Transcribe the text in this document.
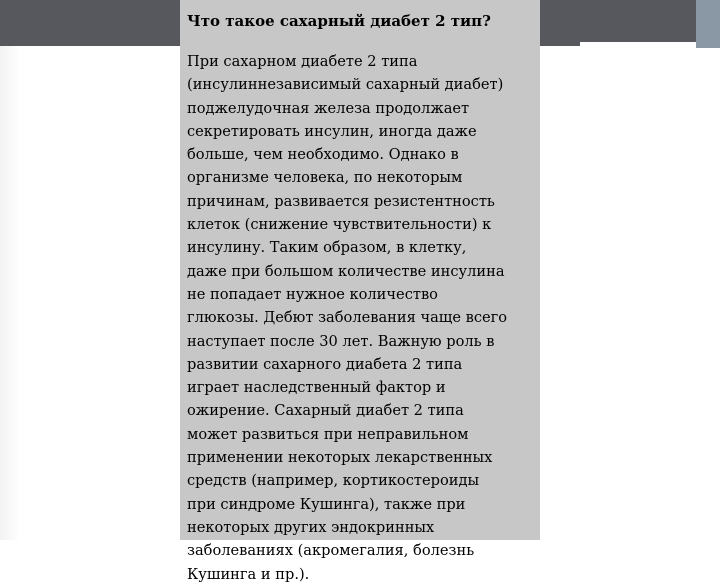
Что такое сахарный диабет 2 тип?
При сахарном диабете 2 типа
(инсулиннезависимый сахарный диабет)
поджелудочная железа продолжает
секретировать инсулин, иногда даже
больше, чем необходимо. Однако в
организме человека, по некоторым
причинам, развивается резистентность
клеток (снижение чувствительности) к
инсулину. Таким образом, в клетку,
даже при большом количестве инсулина
не попадает нужное количество
глюкозы. Дебют заболевания чаще всего
наступает после 30 лет. Важную роль в
развитии сахарного диабета 2 типа
играет наследственный фактор и
ожирение. Сахарный диабет 2 типа
может развиться при неправильном
применении некоторых лекарственных
средств (например, кортикостероиды
при синдроме Кушинга), также при
некоторых других эндокринных
заболеваниях (акромегалия, болезнь
Кушинга и пр.).
